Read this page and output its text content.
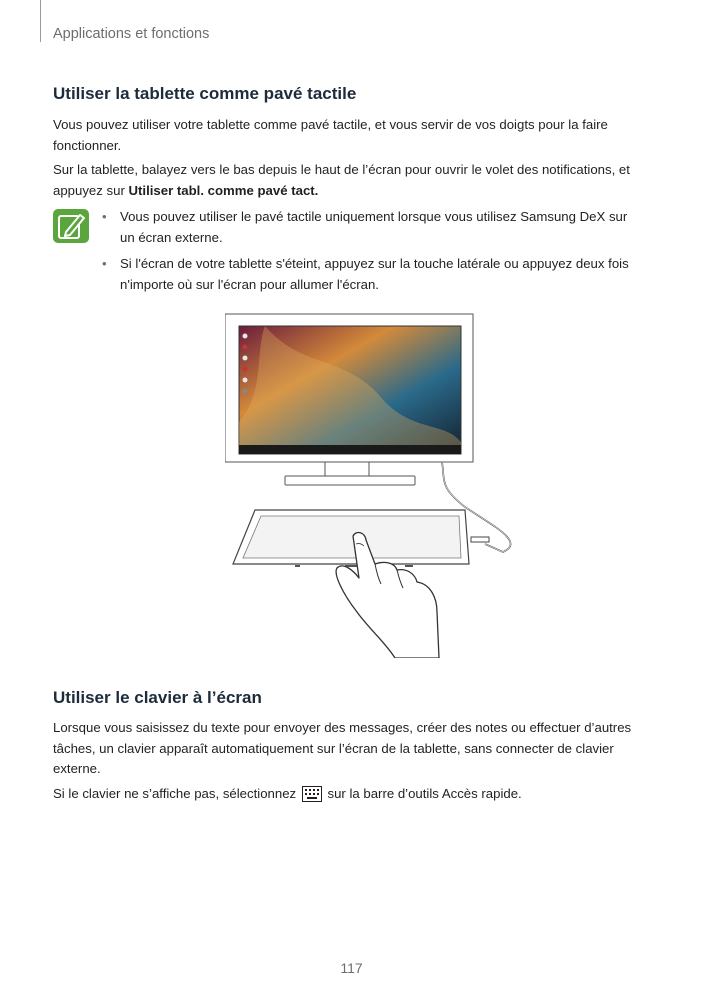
Applications et fonctions
Utiliser la tablette comme pavé tactile

Vous pouvez utiliser votre tablette comme pavé tactile, et vous servir de vos doigts pour la faire fonctionner.

Sur la tablette, balayez vers le bas depuis le haut de l’écran pour ouvrir le volet des notifications, et appuyez sur Utiliser tabl. comme pavé tact.

• Vous pouvez utiliser le pavé tactile uniquement lorsque vous utilisez Samsung DeX sur un écran externe.
• Si l'écran de votre tablette s'éteint, appuyez sur la touche latérale ou appuyez deux fois n'importe où sur l'écran pour allumer l'écran.
Utiliser le clavier à l’écran

Lorsque vous saisissez du texte pour envoyer des messages, créer des notes ou effectuer d’autres tâches, un clavier apparaît automatiquement sur l’écran de la tablette, sans connecter de clavier externe.

Si le clavier ne s’affiche pas, sélectionnez sur la barre d’outils Accès rapide.

117
